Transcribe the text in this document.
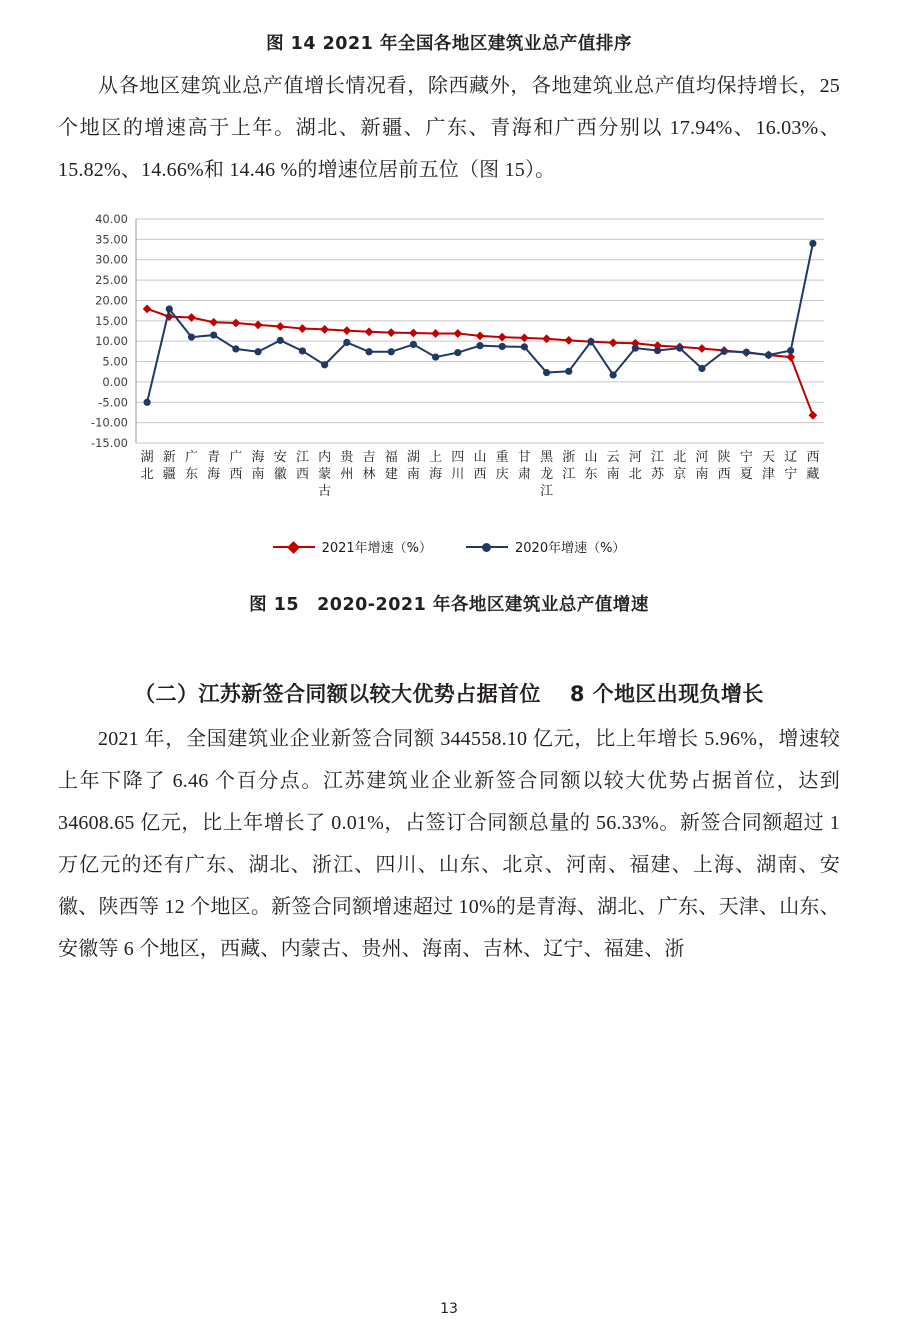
图 14 2021 年全国各地区建筑业总产值排序

从各地区建筑业总产值增长情况看，除西藏外，各地建筑业总产值均保持增长，25 个地区的增速高于上年。湖北、新疆、广东、青海和广西分别以 17.94%、16.03%、15.82%、14.66%和 14.46 %的增速位居前五位（图 15）。

-15.00
-10.00
-5.00
0.00
5.00
10.00
15.00
20.00
25.00
30.00
35.00
40.00
湖
北
新
疆
广
东
青
海
广
西
海
南
安
徽
江
西
内
蒙
古
贵
州
吉
林
福
建
湖
南
上
海
四
川
山
西
重
庆
甘
肃
黑
龙
江
浙
江
山
东
云
南
河
北
江
苏
北
京
河
南
陕
西
宁
夏
天
津
辽
宁
西
藏
2021年增速（%）	2020年增速（%）
图 15　2020-2021 年各地区建筑业总产值增速
（二）江苏新签合同额以较大优势占据首位　 8 个地区出现负增长

2021 年，全国建筑业企业新签合同额 344558.10 亿元，比上年增长 5.96%，增速较上年下降了 6.46 个百分点。江苏建筑业企业新签合同额以较大优势占据首位，达到 34608.65 亿元，比上年增长了 0.01%，占签订合同额总量的 56.33%。新签合同额超过 1 万亿元的还有广东、湖北、浙江、四川、山东、北京、河南、福建、上海、湖南、安徽、陕西等 12 个地区。新签合同额增速超过 10%的是青海、湖北、广东、天津、山东、安徽等 6 个地区，西藏、内蒙古、贵州、海南、吉林、辽宁、福建、浙

13
